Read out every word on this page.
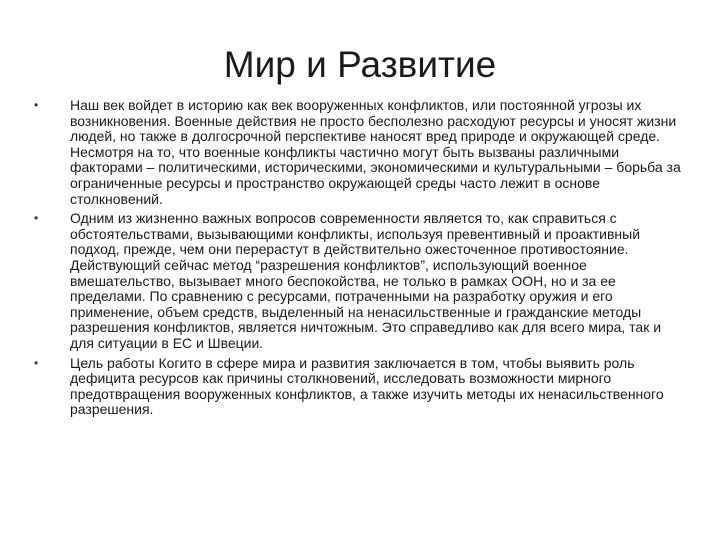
Мир и Развитие
•	Наш век войдет в историю как век вооруженных конфликтов, или постоянной угрозы их возникновения. Военные действия не просто бесполезно расходуют ресурсы и уносят жизни людей, но также в долгосрочной перспективе наносят вред природе и окружающей среде. Несмотря на то, что военные конфликты частично могут быть вызваны различными факторами – политическими, историческими, экономическими и культуральными – борьба за ограниченные ресурсы и пространство окружающей среды часто лежит в основе столкновений.
•	Одним из жизненно важных вопросов современности является то, как справиться с обстоятельствами, вызывающими конфликты, используя превентивный и проактивный подход, прежде, чем они перерастут в действительно ожесточенное противостояние. Действующий сейчас метод “разрешения конфликтов”, использующий военное вмешательство, вызывает много беспокойства, не только в рамках ООН, но и за ее пределами. По сравнению с ресурсами, потраченными на разработку оружия и его применение, объем средств, выделенный на ненасильственные и гражданские методы разрешения конфликтов, является ничтожным. Это справедливо как для всего мира, так и для ситуации в ЕС и Швеции.
•	Цель работы Когито в сфере мира и развития заключается в том, чтобы выявить роль дефицита ресурсов как причины столкновений, исследовать возможности мирного предотвращения вооруженных конфликтов, а также изучить методы их ненасильственного разрешения.
